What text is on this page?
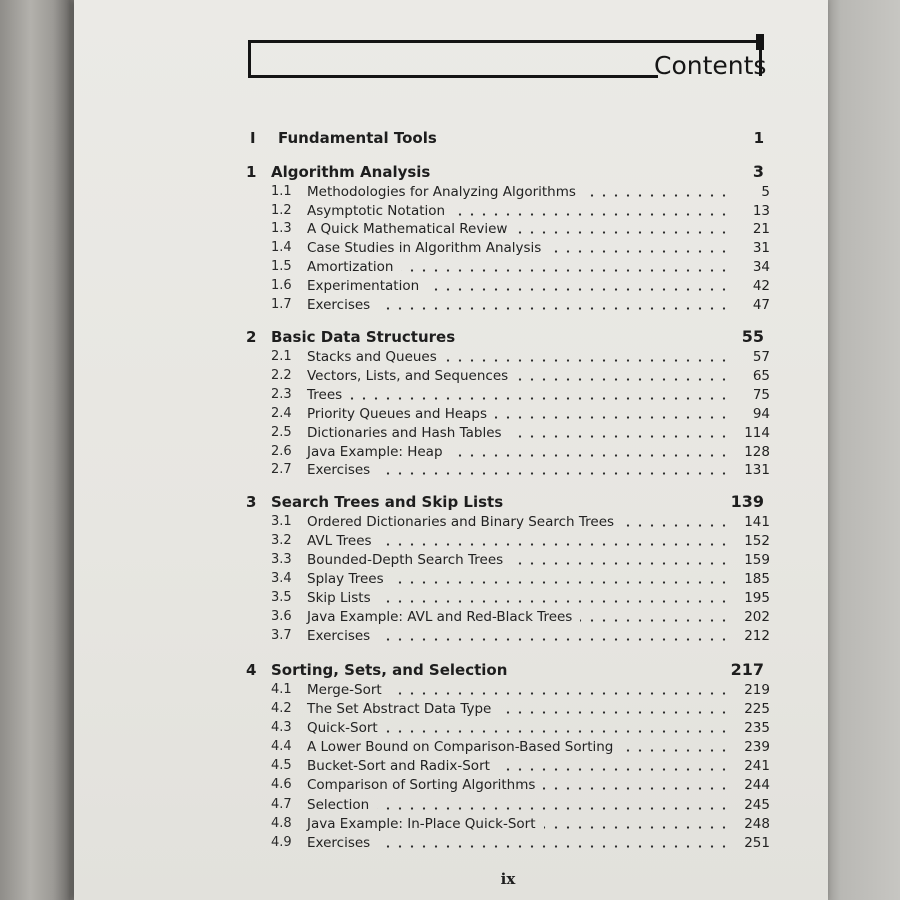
Contents
I Fundamental Tools	1
1 Algorithm Analysis	3
1.1 Methodologies for Analyzing Algorithms	5
1.2 Asymptotic Notation	13
1.3 A Quick Mathematical Review	21
1.4 Case Studies in Algorithm Analysis	31
1.5 Amortization	34
1.6 Experimentation	42
1.7 Exercises	47
2 Basic Data Structures	55
2.1 Stacks and Queues	57
2.2 Vectors, Lists, and Sequences	65
2.3 Trees	75
2.4 Priority Queues and Heaps	94
2.5 Dictionaries and Hash Tables	114
2.6 Java Example: Heap	128
2.7 Exercises	131
3 Search Trees and Skip Lists	139
3.1 Ordered Dictionaries and Binary Search Trees	141
3.2 AVL Trees	152
3.3 Bounded-Depth Search Trees	159
3.4 Splay Trees	185
3.5 Skip Lists	195
3.6 Java Example: AVL and Red-Black Trees	202
3.7 Exercises	212
4 Sorting, Sets, and Selection	217
4.1 Merge-Sort	219
4.2 The Set Abstract Data Type	225
4.3 Quick-Sort	235
4.4 A Lower Bound on Comparison-Based Sorting	239
4.5 Bucket-Sort and Radix-Sort	241
4.6 Comparison of Sorting Algorithms	244
4.7 Selection	245
4.8 Java Example: In-Place Quick-Sort	248
4.9 Exercises	251
ix
